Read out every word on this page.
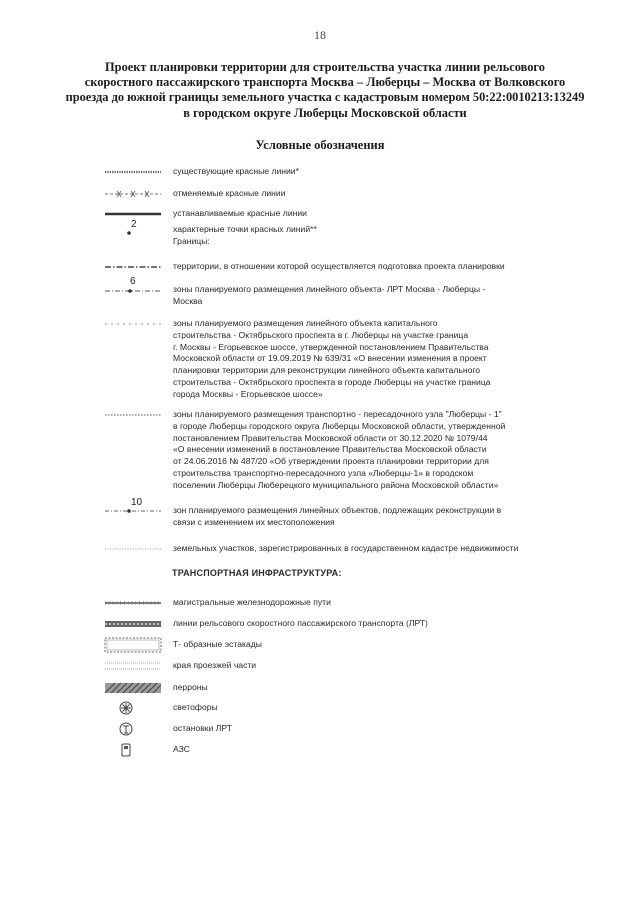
18
Проект планировки территории для строительства участка линии рельсового
скоростного пассажирского транспорта Москва – Люберцы – Москва от Волковского
проезда до южной границы земельного участка с кадастровым номером 50:22:0010213:13249
в городском округе Люберцы Московской области
Условные обозначения
существующие красные линии*
отменяемые красные линии
устанавливаемые красные линии
2	характерные точки красных линий**
Границы:
территории, в отношении которой осуществляется подготовка проекта планировки
6
зоны планируемого размещения линейного объекта- ЛРТ Москва - Люберцы -
Москва
зоны планируемого размещения линейного объекта капитального
строительства - Октябрьского проспекта в г. Люберцы на участке граница
г. Москвы - Егорьевское шоссе, утвержденной постановлением Правительства
Московской области от 19.09.2019 № 639/31 «О внесении изменения в проект
планировки территории для реконструкции линейного объекта капитального
строительства - Октябрьского проспекта в городе Люберцы на участке граница
города Москвы - Егорьевское шоссе»
зоны планируемого размещения транспортно - пересадочного узла "Люберцы - 1"
в городе Люберцы городского округа Люберцы Московской области, утвержденной
постановлением Правительства Московской области от 30.12.2020 № 1079/44
«О внесении изменений в постановление Правительства Московской области
от 24.06.2016 № 487/20 «Об утверждении проекта планировки территории для
строительства транспортно-пересадочного узла «Люберцы-1» в городском
поселении Люберцы Люберецкого муниципального района Московской области»
10
зон планируемого размещения линейных объектов, подлежащих реконструкции в
связи с изменением их местоположения
земельных участков, зарегистрированных в государственном кадастре недвижимости
ТРАНСПОРТНАЯ ИНФРАСТРУКТУРА:
магистральные железнодорожные пути
линии рельсового скоростного пассажирского транспорта (ЛРТ)
Т- образные эстакады
края проезжей части
перроны
светофоры
остановки ЛРТ
АЗС
